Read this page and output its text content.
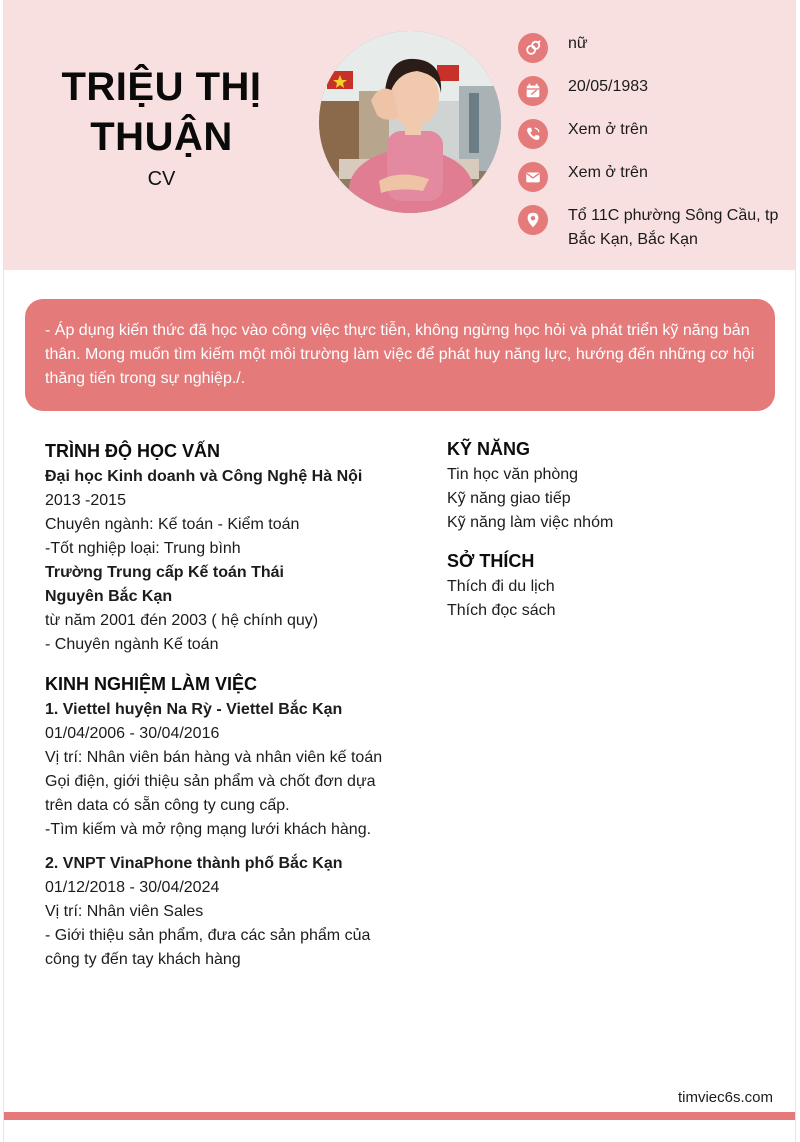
TRIỆU THỊ THUẬN
CV
nữ
20/05/1983
Xem ở trên
Xem ở trên
Tổ 11C phường Sông Cầu, tp Bắc Kạn, Bắc Kạn
- Áp dụng kiến thức đã học vào công việc thực tiễn, không ngừng học hỏi và phát triển kỹ năng bản thân. Mong muốn tìm kiếm một môi trường làm việc để phát huy năng lực, hướng đến những cơ hội thăng tiến trong sự nghiệp./.
TRÌNH ĐỘ HỌC VẤN
Đại học Kinh doanh và Công Nghệ Hà Nội
2013 -2015
Chuyên ngành: Kế toán - Kiểm toán
-Tốt nghiệp loại: Trung bình
Trường Trung cấp Kế toán Thái Nguyên Bắc Kạn
từ năm 2001 đén 2003 ( hệ chính quy)
- Chuyên ngành Kế toán
KINH NGHIỆM LÀM VIỆC
1. Viettel huyện Na Rỳ - Viettel Bắc Kạn
01/04/2006 - 30/04/2016
Vị trí: Nhân viên bán hàng và nhân viên kế toán
Gọi điện, giới thiệu sản phẩm và chốt đơn dựa trên data có sẵn công ty cung cấp.
-Tìm kiếm và mở rộng mạng lưới khách hàng.
2. VNPT VinaPhone thành phố Bắc Kạn
01/12/2018 - 30/04/2024
Vị trí: Nhân viên Sales
- Giới thiệu sản phẩm, đưa các sản phẩm của công ty đến tay khách hàng
KỸ NĂNG
Tin học văn phòng
Kỹ năng giao tiếp
Kỹ năng làm việc nhóm
SỞ THÍCH
Thích đi du lịch
Thích đọc sách
timviec6s.com
